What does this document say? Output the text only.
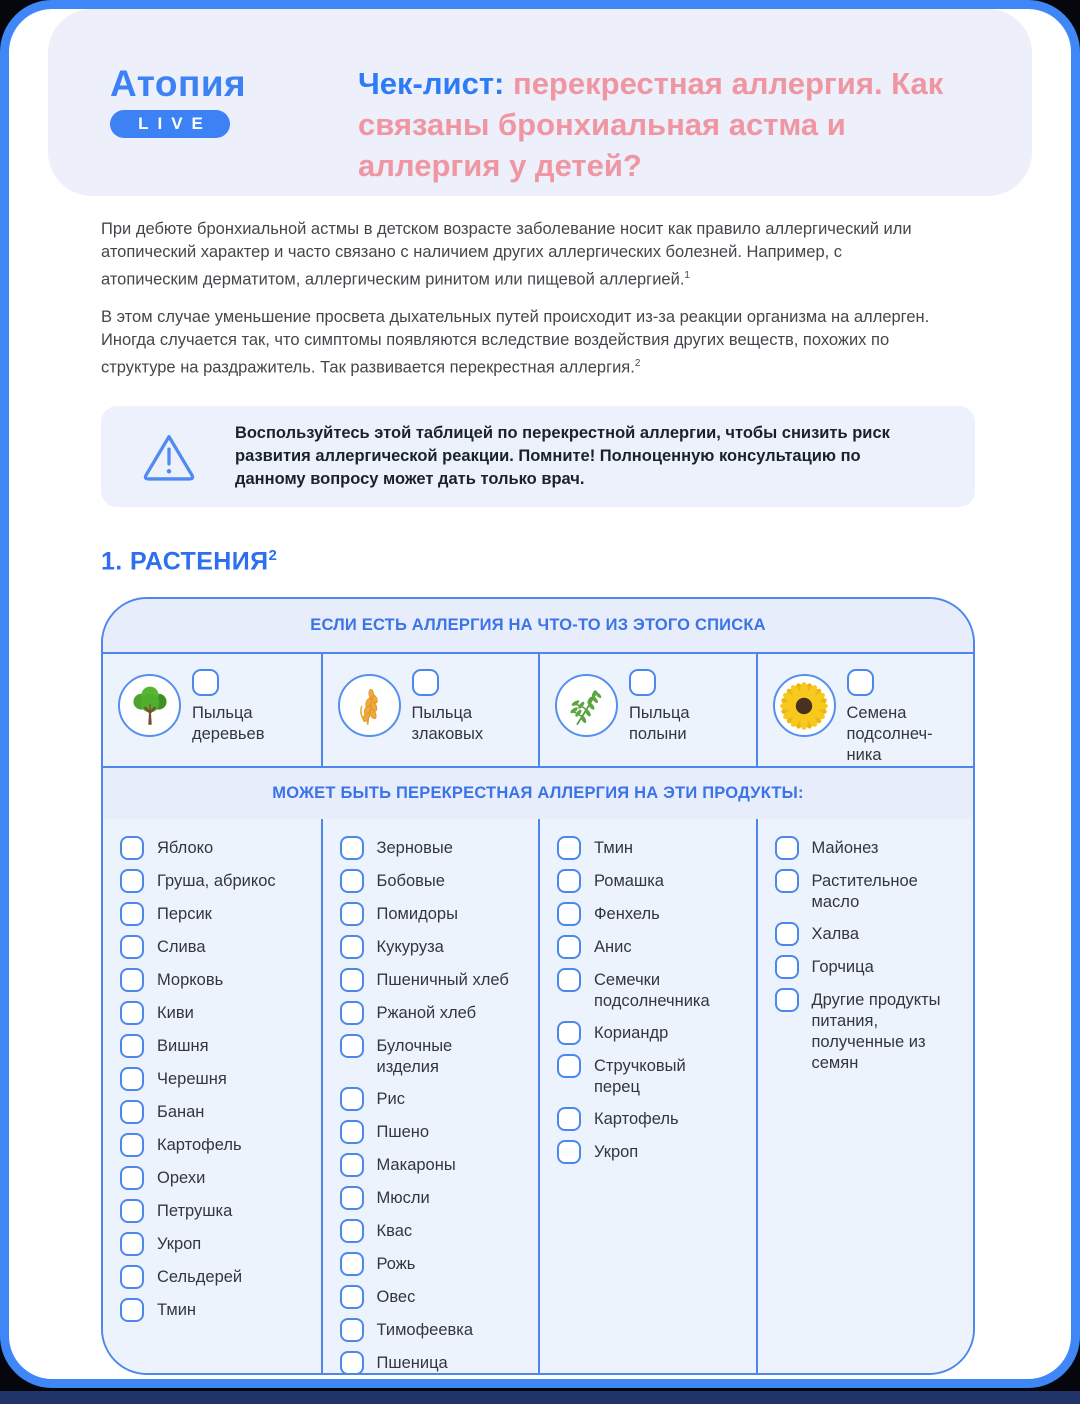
Атопия
LIVE
Чек-лист: перекрестная аллергия. Как связаны бронхиальная астма и аллергия у детей?

При дебюте бронхиальной астмы в детском возрасте заболевание носит как правило аллергический или атопический характер и часто связано с наличием других аллергических болезней. Например, с атопическим дерматитом, аллергическим ринитом или пищевой аллергией.$^1$

В этом случае уменьшение просвета дыхательных путей происходит из-за реакции организма на аллерген. Иногда случается так, что симптомы появляются вследствие воздействия других веществ, похожих по структуре на раздражитель. Так развивается перекрестная аллергия.$^2$

Воспользуйтесь этой таблицей по перекрестной аллергии, чтобы снизить риск развития аллергической реакции. Помните! Полноценную консультацию по данному вопросу может дать только врач.

1. РАСТЕНИЯ$^2$
ЕСЛИ ЕСТЬ АЛЛЕРГИЯ НА ЧТО-ТО ИЗ ЭТОГО СПИСКА
Пыльца деревьев
Пыльца злаковых
Пыльца полыни
Семена подсолнечника
МОЖЕТ БЫТЬ ПЕРЕКРЕСТНАЯ АЛЛЕРГИЯ НА ЭТИ ПРОДУКТЫ:
Яблоко
Груша, абрикос
Персик
Слива
Морковь
Киви
Вишня
Черешня
Банан
Картофель
Орехи
Петрушка
Укроп
Сельдерей
Тмин
Зерновые
Бобовые
Помидоры
Кукуруза
Пшеничный хлеб
Ржаной хлеб
Булочные изделия
Рис
Пшено
Макароны
Мюсли
Квас
Рожь
Овес
Тимофеевка
Пшеница
Тмин
Ромашка
Фенхель
Анис
Семечки подсолнечника
Кориандр
Стручковый перец
Картофель
Укроп
Майонез
Растительное масло
Халва
Горчица
Другие продукты питания, полученные из семян
